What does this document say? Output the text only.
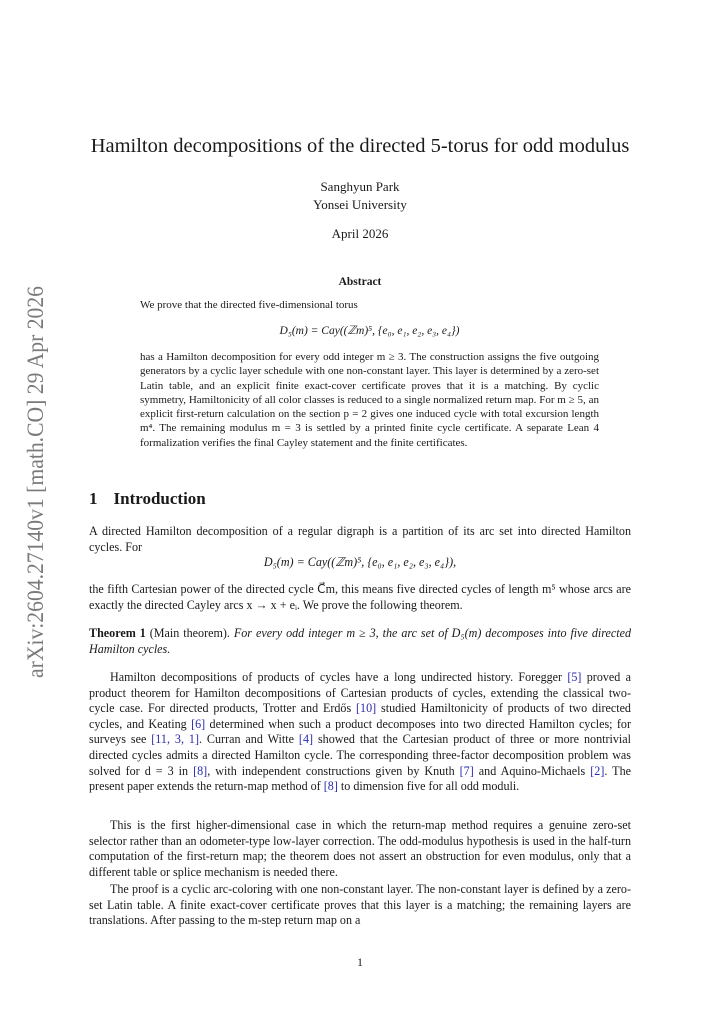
arXiv:2604.27140v1 [math.CO] 29 Apr 2026
Hamilton decompositions of the directed 5-torus for odd modulus
Sanghyun Park
Yonsei University
April 2026
Abstract

We prove that the directed five-dimensional torus

D₅(m) = Cay((ℤm)⁵, {e₀, e₁, e₂, e₃, e₄})

has a Hamilton decomposition for every odd integer m ≥ 3. The construction assigns the five outgoing generators by a cyclic layer schedule with one non-constant layer. This layer is determined by a zero-set Latin table, and an explicit finite exact-cover certificate proves that it is a matching. By cyclic symmetry, Hamiltonicity of all color classes is reduced to a single normalized return map. For m ≥ 5, an explicit first-return calculation on the section p = 2 gives one induced cycle with total excursion length m⁴. The remaining modulus m = 3 is settled by a printed finite cycle certificate. A separate Lean 4 formalization verifies the final Cayley statement and the finite certificates.

1 Introduction

A directed Hamilton decomposition of a regular digraph is a partition of its arc set into directed Hamilton cycles. For

D₅(m) = Cay((ℤm)⁵, {e₀, e₁, e₂, e₃, e₄}),

the fifth Cartesian power of the directed cycle C⃗m, this means five directed cycles of length m⁵ whose arcs are exactly the directed Cayley arcs x → x + eᵢ. We prove the following theorem.

Theorem 1 (Main theorem). For every odd integer m ≥ 3, the arc set of D₅(m) decomposes into five directed Hamilton cycles.

Hamilton decompositions of products of cycles have a long undirected history. Foregger [5] proved a product theorem for Hamilton decompositions of Cartesian products of cycles, extending the classical two-cycle case. For directed products, Trotter and Erdős [10] studied Hamiltonicity of products of two directed cycles, and Keating [6] determined when such a product decomposes into two directed Hamilton cycles; for surveys see [11, 3, 1]. Curran and Witte [4] showed that the Cartesian product of three or more nontrivial directed cycles admits a directed Hamilton cycle. The corresponding three-factor decomposition problem was solved for d = 3 in [8], with independent constructions given by Knuth [7] and Aquino-Michaels [2]. The present paper extends the return-map method of [8] to dimension five for all odd moduli.

This is the first higher-dimensional case in which the return-map method requires a genuine zero-set selector rather than an odometer-type low-layer correction. The odd-modulus hypothesis is used in the half-turn computation of the first-return map; the theorem does not assert an obstruction for even modulus, only that a different table or splice mechanism is needed there.

The proof is a cyclic arc-coloring with one non-constant layer. The non-constant layer is defined by a zero-set Latin table. A finite exact-cover certificate proves that this layer is a matching; the remaining layers are translations. After passing to the m-step return map on a

1
